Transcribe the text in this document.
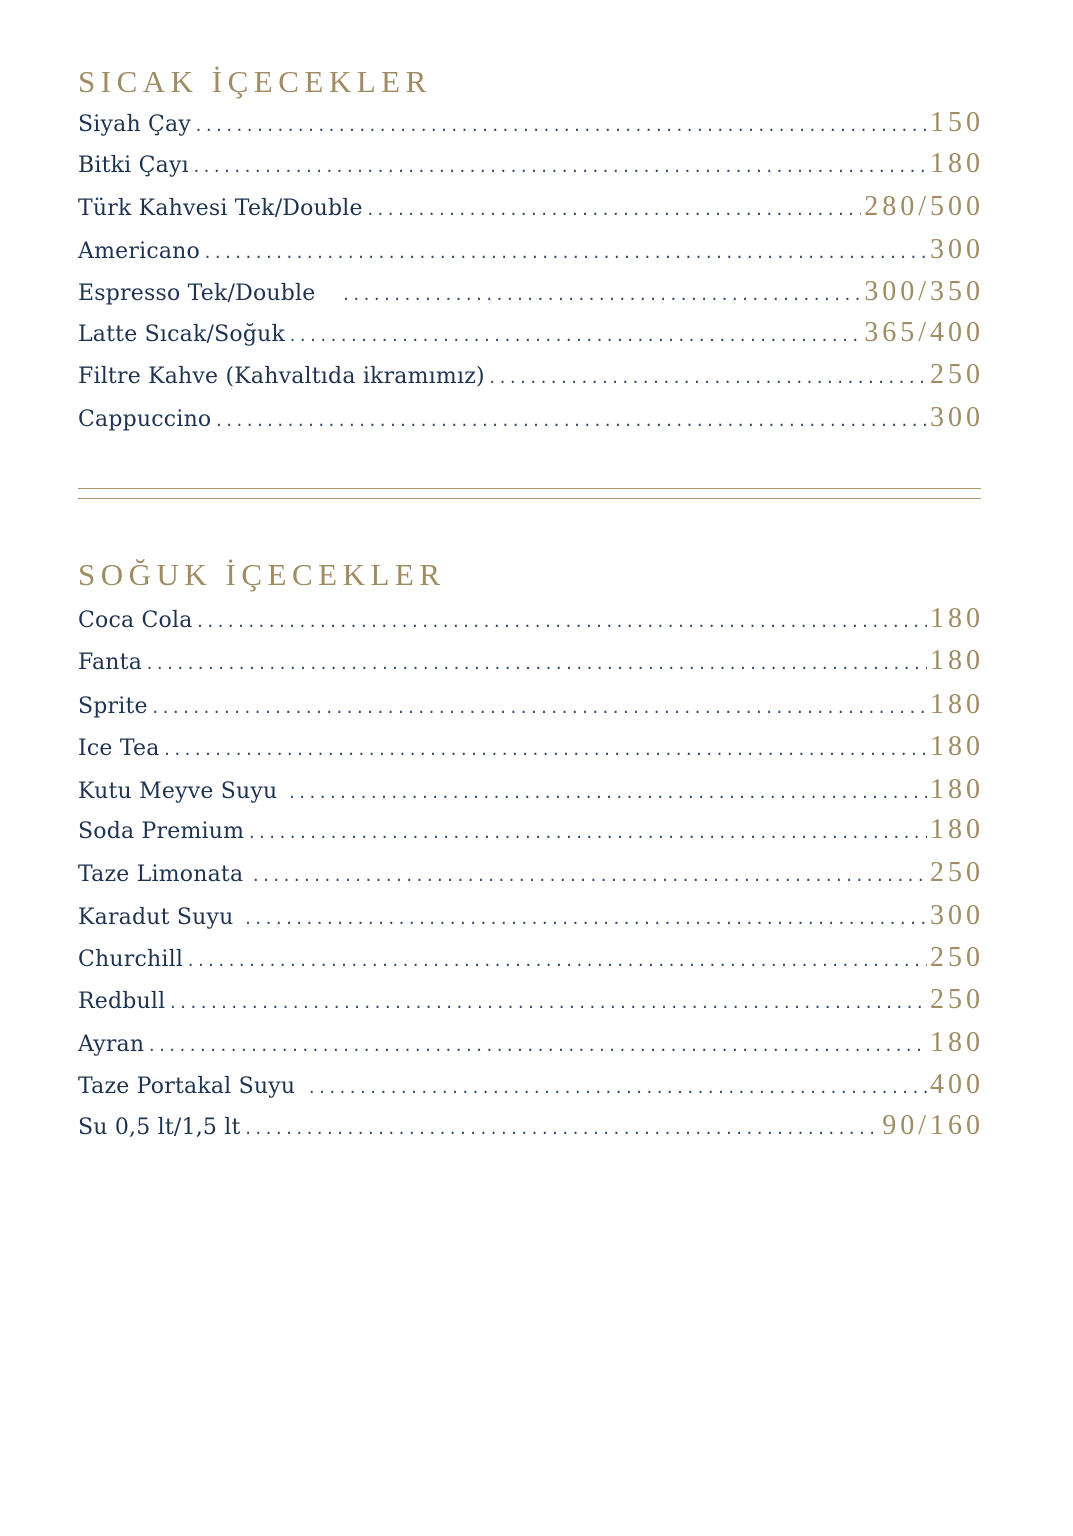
SICAK İÇECEKLER
Siyah Çay .....	150
Bitki Çayı .....	180
Türk Kahvesi Tek/Double .....	280/500
Americano .....	300
Espresso Tek/Double .....	300/350
Latte Sıcak/Soğuk .....	365/400
Filtre Kahve (Kahvaltıda ikramımız) .....	250
Cappuccino .....	300
SOĞUK İÇECEKLER
Coca Cola .....	180
Fanta .....	180
Sprite .....	180
Ice Tea .....	180
Kutu Meyve Suyu .....	180
Soda Premium .....	180
Taze Limonata .....	250
Karadut Suyu .....	300
Churchill .....	250
Redbull .....	250
Ayran .....	180
Taze Portakal Suyu .....	400
Su 0,5 lt/1,5 lt .....	90/160
